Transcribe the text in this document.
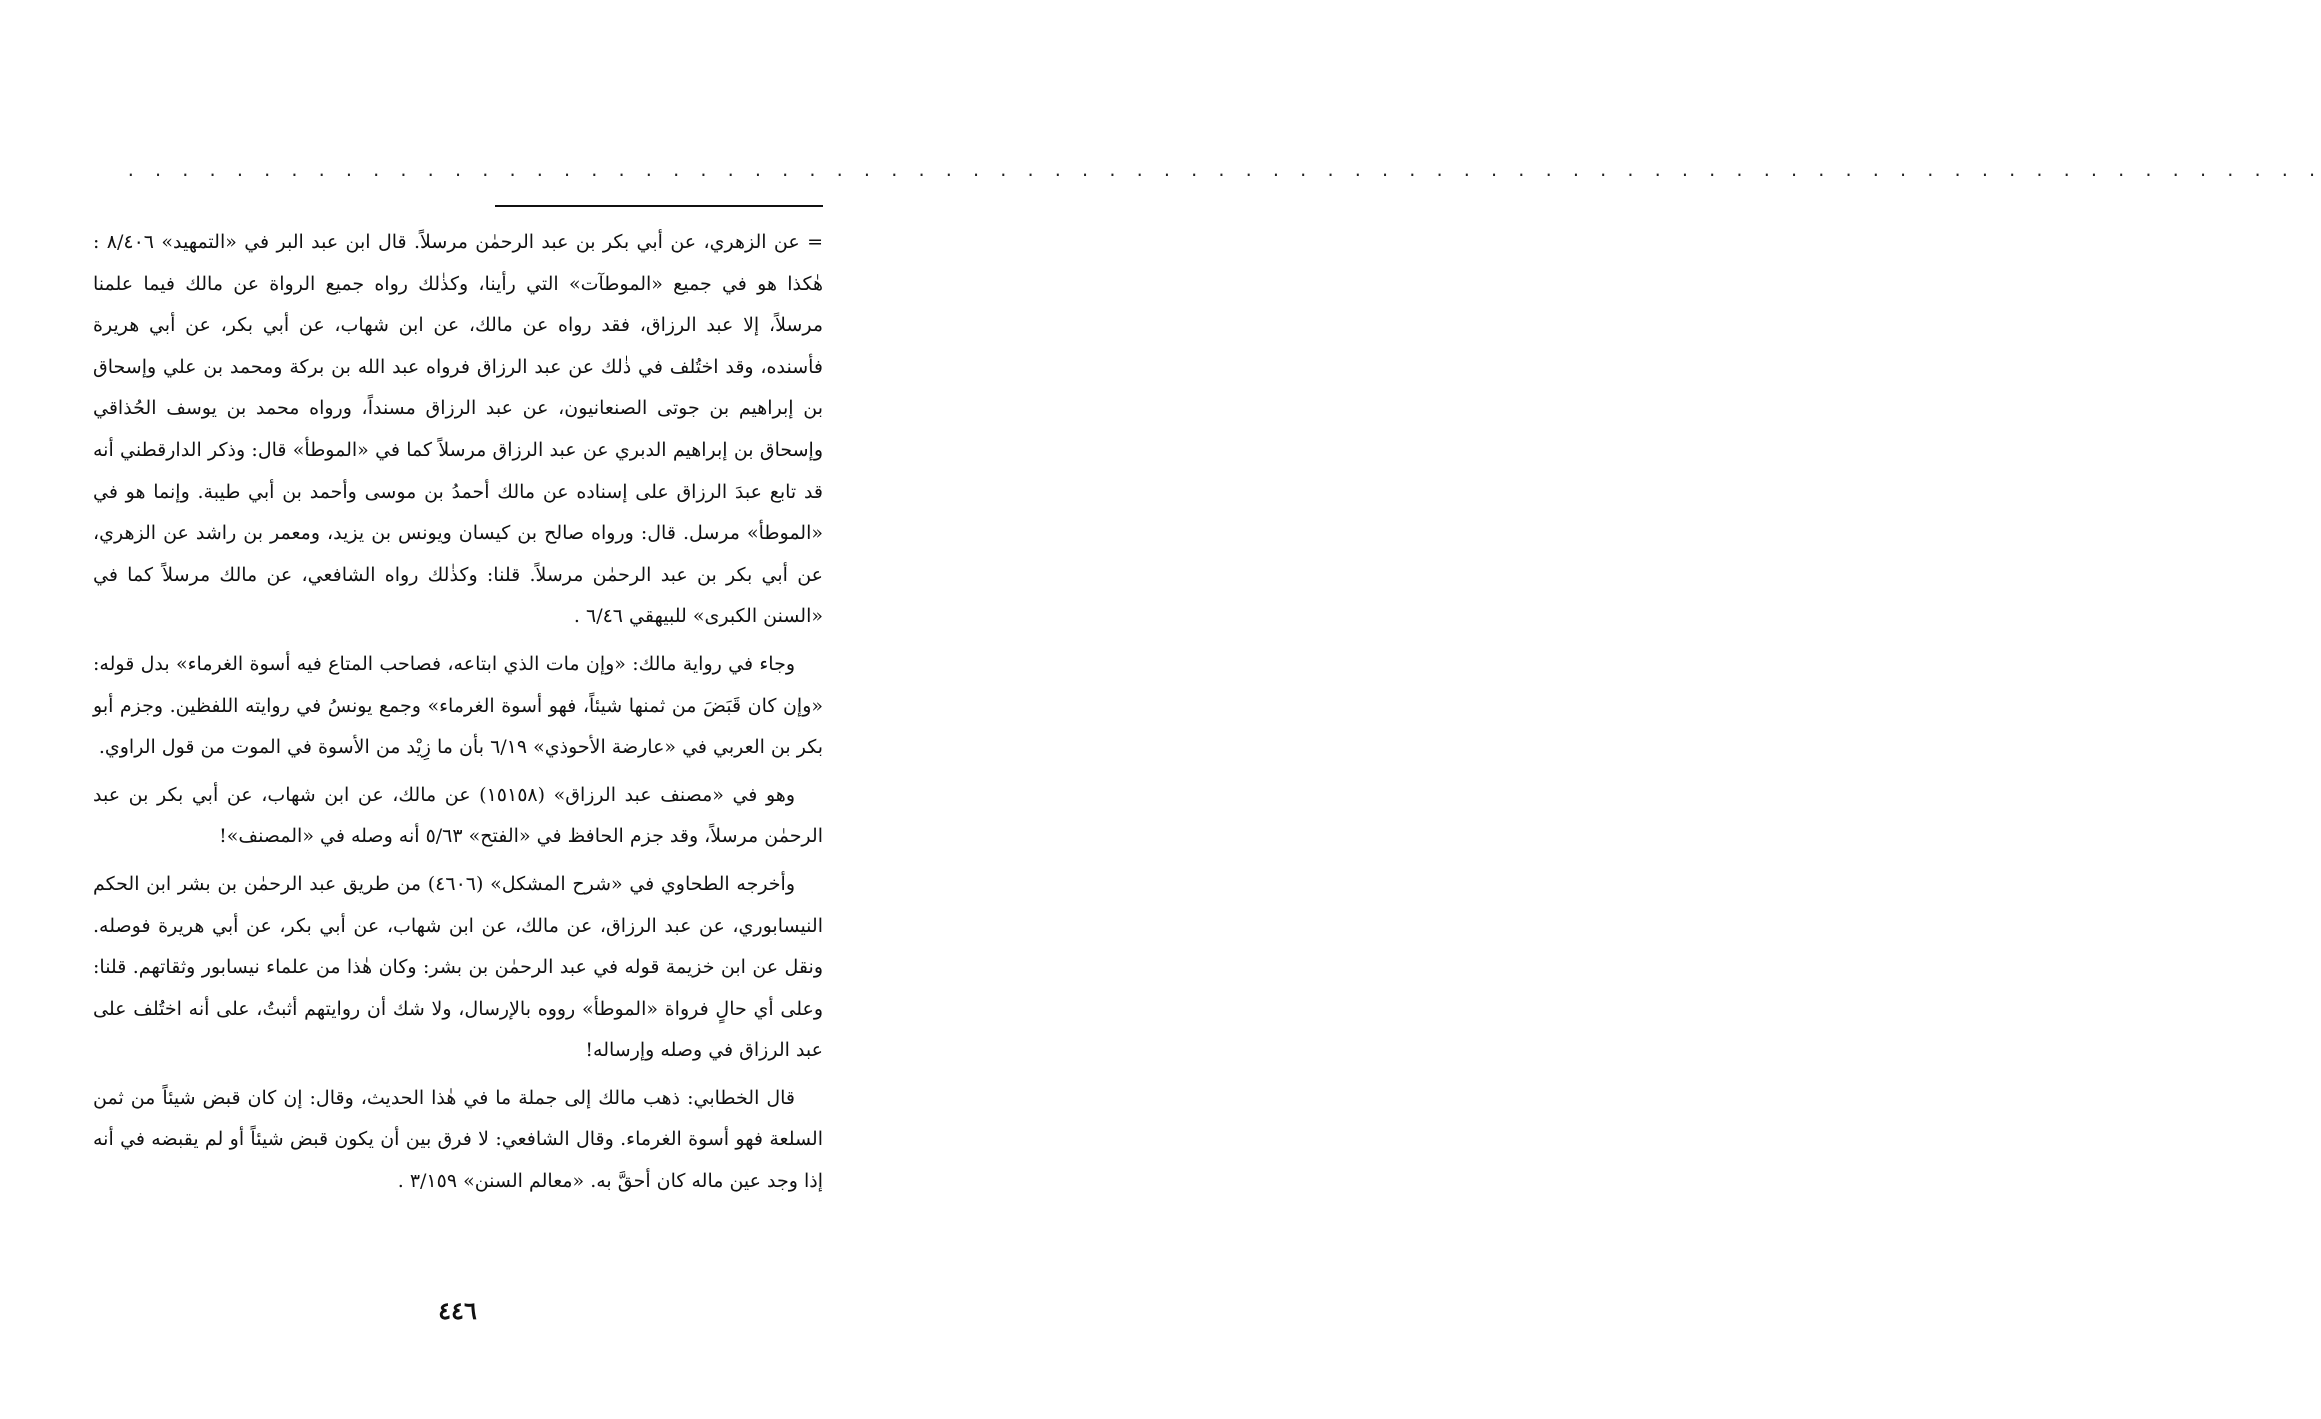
. . . . . . . . . . . . . . . . . . . . . . . . . . . . . . . . . . . . . . . . . . . . . . . . . . . . . . . . . . . . . . . . . . . . . . . . . . . . . . . . .

= عن الزهري، عن أبي بكر بن عبد الرحمٰن مرسلاً. قال ابن عبد البر في «التمهيد» ٨/٤٠٦ : هٰكذا هو في جميع «الموطآت» التي رأينا، وكذٰلك رواه جميع الرواة عن مالك فيما علمنا مرسلاً، إلا عبد الرزاق، فقد رواه عن مالك، عن ابن شهاب، عن أبي بكر، عن أبي هريرة فأسنده، وقد اختُلف في ذٰلك عن عبد الرزاق فرواه عبد الله بن بركة ومحمد بن علي وإسحاق بن إبراهيم بن جوتى الصنعانيون، عن عبد الرزاق مسنداً، ورواه محمد بن يوسف الحُذاقي وإسحاق بن إبراهيم الدبري عن عبد الرزاق مرسلاً كما في «الموطأ» قال: وذكر الدارقطني أنه قد تابع عبدَ الرزاق على إسناده عن مالك أحمدُ بن موسى وأحمد بن أبي طيبة. وإنما هو في «الموطأ» مرسل. قال: ورواه صالح بن كيسان ويونس بن يزيد، ومعمر بن راشد عن الزهري، عن أبي بكر بن عبد الرحمٰن مرسلاً. قلنا: وكذٰلك رواه الشافعي، عن مالك مرسلاً كما في «السنن الكبرى» للبيهقي ٦/٤٦ .

وجاء في رواية مالك: «وإن مات الذي ابتاعه، فصاحب المتاع فيه أسوة الغرماء» بدل قوله: «وإن كان قَبَضَ من ثمنها شيئاً، فهو أسوة الغرماء» وجمع يونسُ في روايته اللفظين. وجزم أبو بكر بن العربي في «عارضة الأحوذي» ٦/١٩ بأن ما زِيْد من الأسوة في الموت من قول الراوي.

وهو في «مصنف عبد الرزاق» (١٥١٥٨) عن مالك، عن ابن شهاب، عن أبي بكر بن عبد الرحمٰن مرسلاً، وقد جزم الحافظ في «الفتح» ٥/٦٣ أنه وصله في «المصنف»!

وأخرجه الطحاوي في «شرح المشكل» (٤٦٠٦) من طريق عبد الرحمٰن بن بشر ابن الحكم النيسابوري، عن عبد الرزاق، عن مالك، عن ابن شهاب، عن أبي بكر، عن أبي هريرة فوصله. ونقل عن ابن خزيمة قوله في عبد الرحمٰن بن بشر: وكان هٰذا من علماء نيسابور وثقاتهم. قلنا: وعلى أي حالٍ فرواة «الموطأ» رووه بالإرسال، ولا شك أن روايتهم أثبتُ، على أنه اختُلف على عبد الرزاق في وصله وإرساله!

قال الخطابي: ذهب مالك إلى جملة ما في هٰذا الحديث، وقال: إن كان قبض شيئاً من ثمن السلعة فهو أسوة الغرماء. وقال الشافعي: لا فرق بين أن يكون قبض شيئاً أو لم يقبضه في أنه إذا وجد عين ماله كان أحقَّ به. «معالم السنن» ٣/١٥٩ .

٤٤٦
